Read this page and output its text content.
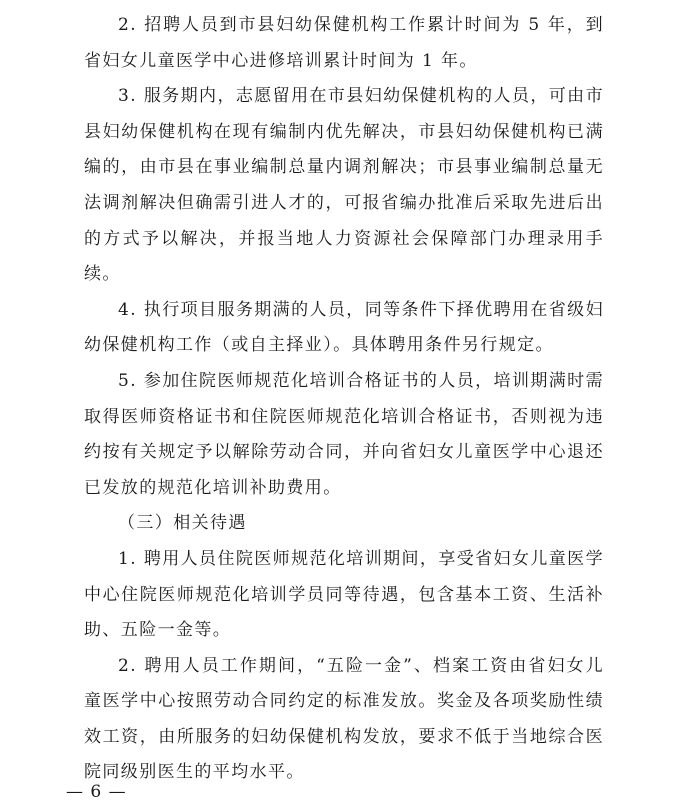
2. 招聘人员到市县妇幼保健机构工作累计时间为 5 年，到省妇女儿童医学中心进修培训累计时间为 1 年。

3. 服务期内，志愿留用在市县妇幼保健机构的人员，可由市县妇幼保健机构在现有编制内优先解决，市县妇幼保健机构已满编的，由市县在事业编制总量内调剂解决；市县事业编制总量无法调剂解决但确需引进人才的，可报省编办批准后采取先进后出的方式予以解决，并报当地人力资源社会保障部门办理录用手续。

4. 执行项目服务期满的人员，同等条件下择优聘用在省级妇幼保健机构工作（或自主择业）。具体聘用条件另行规定。

5. 参加住院医师规范化培训合格证书的人员，培训期满时需取得医师资格证书和住院医师规范化培训合格证书，否则视为违约按有关规定予以解除劳动合同，并向省妇女儿童医学中心退还已发放的规范化培训补助费用。

（三）相关待遇

1. 聘用人员住院医师规范化培训期间，享受省妇女儿童医学中心住院医师规范化培训学员同等待遇，包含基本工资、生活补助、五险一金等。

2. 聘用人员工作期间，“五险一金”、档案工资由省妇女儿童医学中心按照劳动合同约定的标准发放。奖金及各项奖励性绩效工资，由所服务的妇幼保健机构发放，要求不低于当地综合医院同级别医生的平均水平。

— 6 —
